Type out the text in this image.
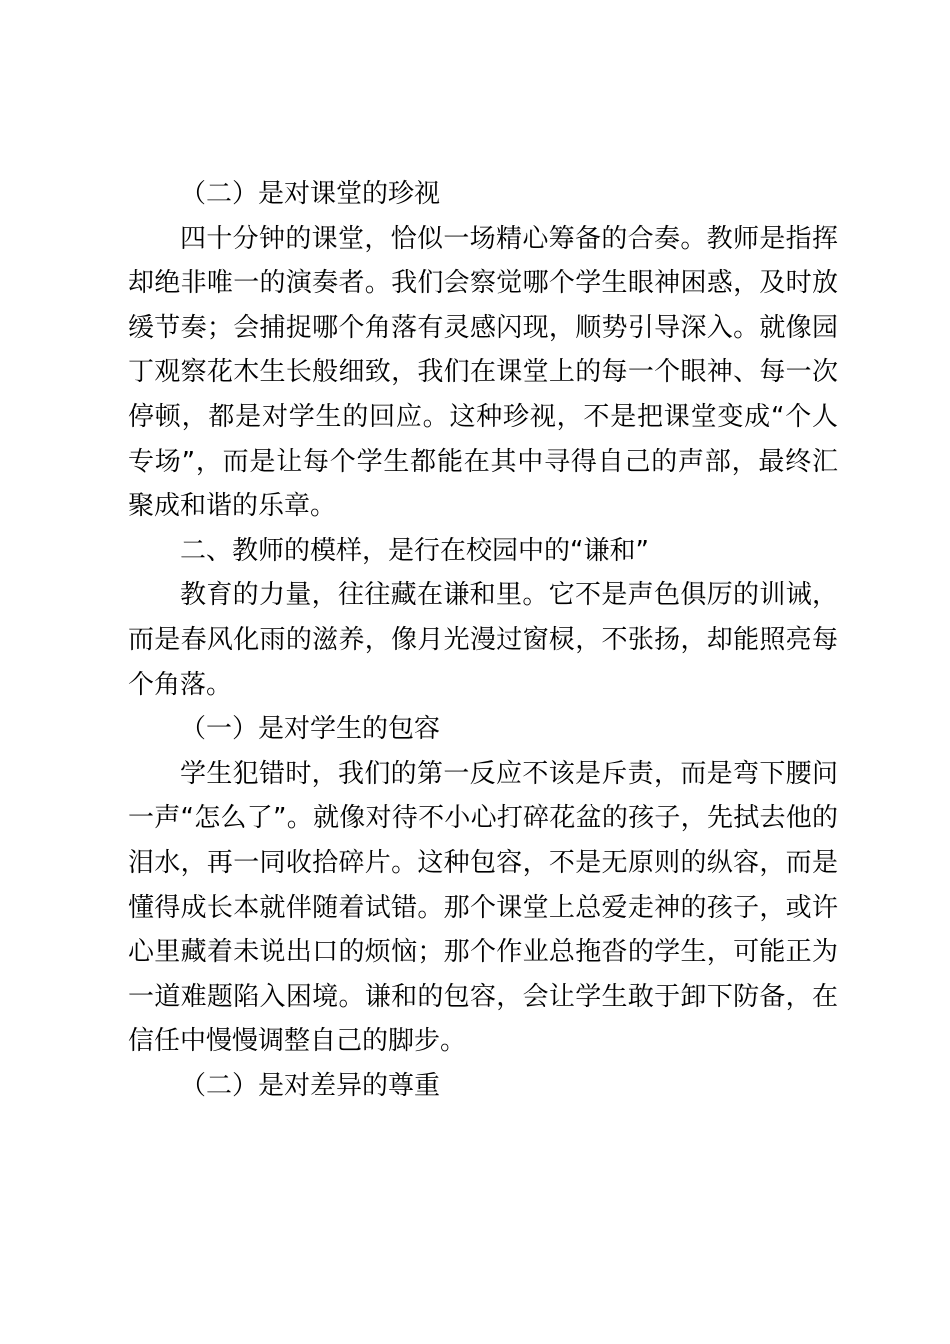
（二）是对课堂的珍视

四十分钟的课堂，恰似一场精心筹备的合奏。教师是指挥却绝非唯一的演奏者。我们会察觉哪个学生眼神困惑，及时放缓节奏；会捕捉哪个角落有灵感闪现，顺势引导深入。就像园丁观察花木生长般细致，我们在课堂上的每一个眼神、每一次停顿，都是对学生的回应。这种珍视，不是把课堂变成“个人专场”，而是让每个学生都能在其中寻得自己的声部，最终汇聚成和谐的乐章。

二、教师的模样，是行在校园中的“谦和”

教育的力量，往往藏在谦和里。它不是声色俱厉的训诫，而是春风化雨的滋养，像月光漫过窗棂，不张扬，却能照亮每个角落。

（一）是对学生的包容

学生犯错时，我们的第一反应不该是斥责，而是弯下腰问一声“怎么了”。就像对待不小心打碎花盆的孩子，先拭去他的泪水，再一同收拾碎片。这种包容，不是无原则的纵容，而是懂得成长本就伴随着试错。那个课堂上总爱走神的孩子，或许心里藏着未说出口的烦恼；那个作业总拖沓的学生，可能正为一道难题陷入困境。谦和的包容，会让学生敢于卸下防备，在信任中慢慢调整自己的脚步。

（二）是对差异的尊重
